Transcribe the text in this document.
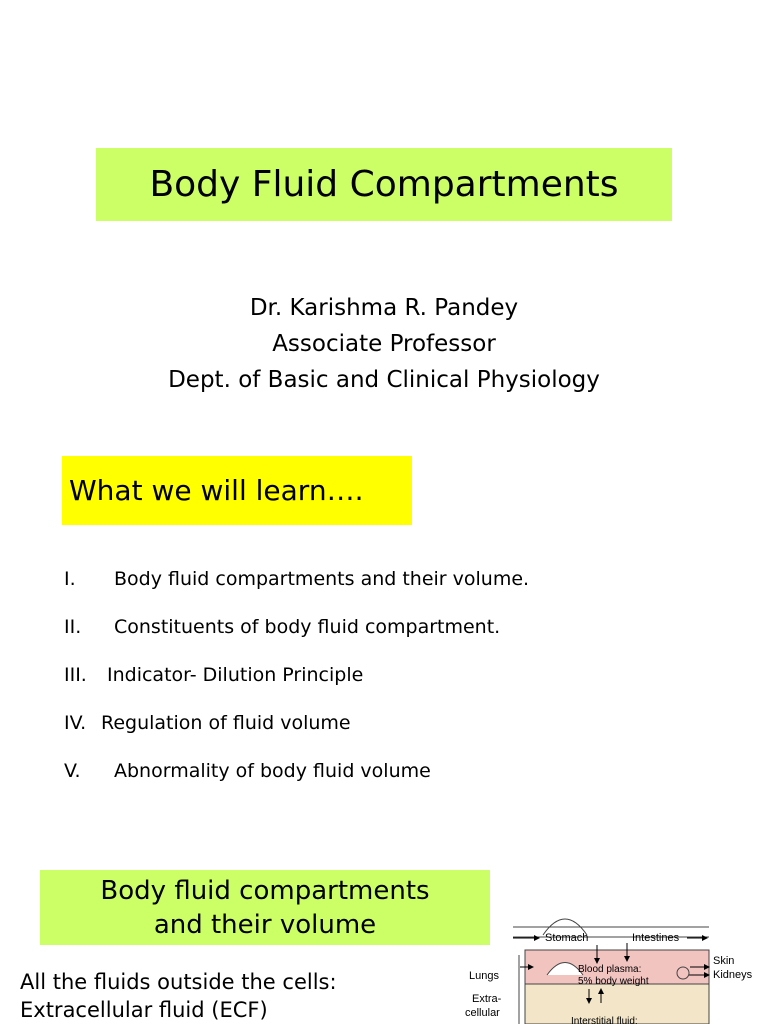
Body Fluid Compartments
Dr. Karishma R. Pandey
Associate Professor
Dept. of Basic and Clinical Physiology
What we will learn….
I. Body fluid compartments and their volume.
II. Constituents of body fluid compartment.
III. Indicator- Dilution Principle
IV. Regulation of fluid volume
V. Abnormality of body fluid volume
Body fluid compartments
and their volume
All the fluids outside the cells:
Extracellular fluid (ECF)
Stomach	Intestines
Skin
Kidneys
Lungs
Extra-
cellular
Blood plasma:
5% body weight
Interstitial fluid:
